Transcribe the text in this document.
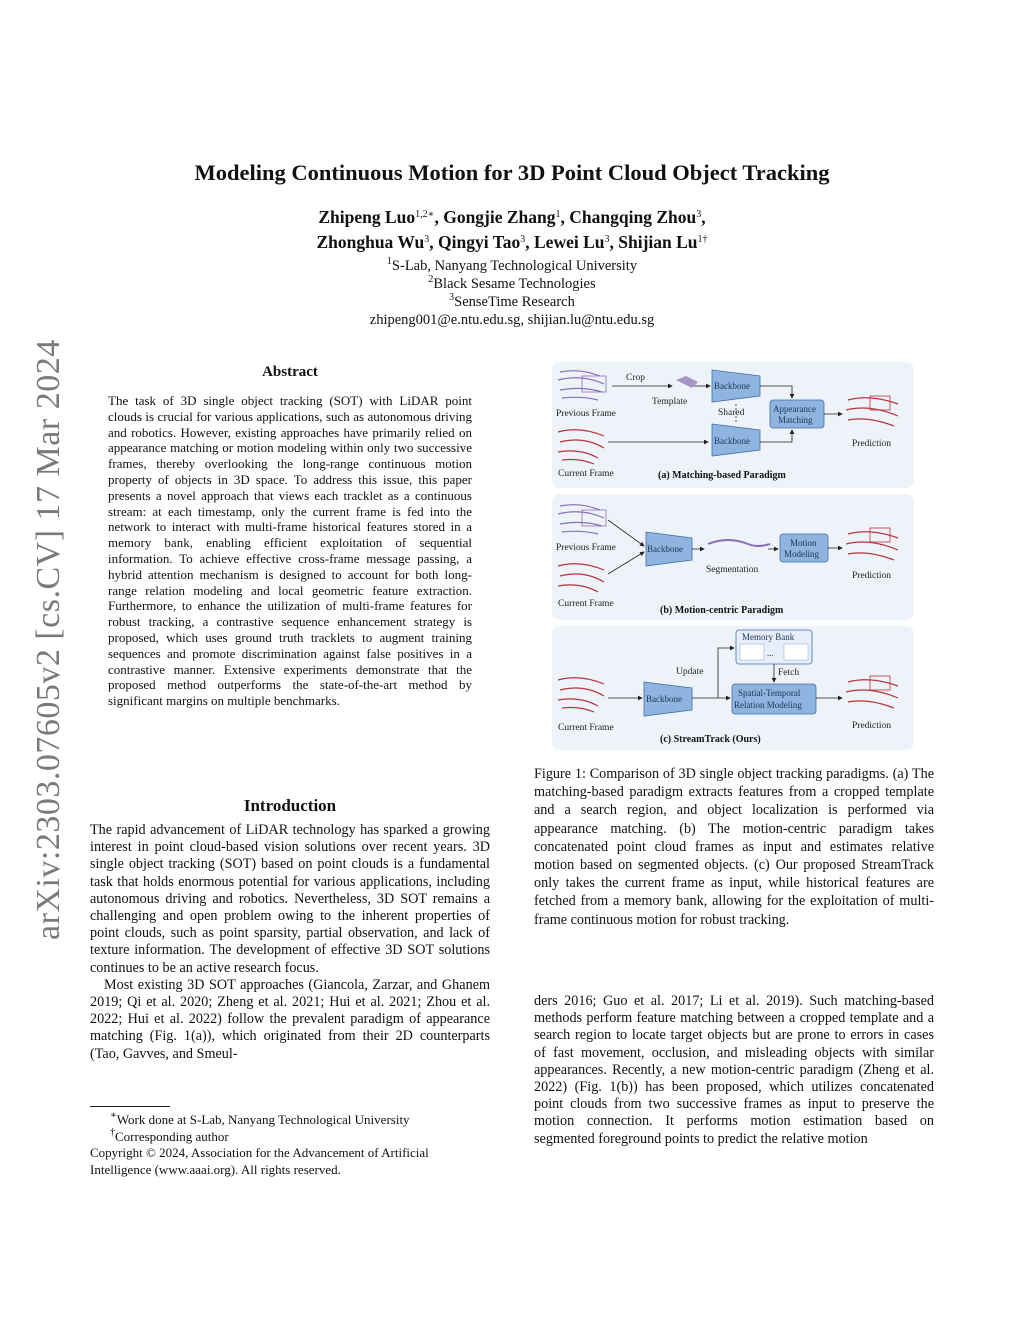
arXiv:2303.07605v2 [cs.CV] 17 Mar 2024
Modeling Continuous Motion for 3D Point Cloud Object Tracking
Zhipeng Luo$^{1,2∗}$, Gongjie Zhang$^1$, Changqing Zhou$^3$,
Zhonghua Wu$^3$, Qingyi Tao$^3$, Lewei Lu$^3$, Shijian $Lu^{1\dagger}$
$^1$S-Lab, Nanyang Technological University
$^2$Black Sesame Technologies
$^3$SenseTime Research
zhipeng001@e.ntu.edu.sg, shijian.lu@ntu.edu.sg
Abstract
The task of 3D single object tracking (SOT) with LiDAR point clouds is crucial for various applications, such as autonomous driving and robotics. However, existing approaches have primarily relied on appearance matching or motion modeling within only two successive frames, thereby overlooking the long-range continuous motion property of objects in 3D space. To address this issue, this paper presents a novel approach that views each tracklet as a continuous stream: at each timestamp, only the current frame is fed into the network to interact with multi-frame historical features stored in a memory bank, enabling efficient exploitation of sequential information. To achieve effective cross-frame message passing, a hybrid attention mechanism is designed to account for both long-range relation modeling and local geometric feature extraction. Furthermore, to enhance the utilization of multi-frame features for robust tracking, a contrastive sequence enhancement strategy is proposed, which uses ground truth tracklets to augment training sequences and promote discrimination against false positives in a contrastive manner. Extensive experiments demonstrate that the proposed method outperforms the state-of-the-art method by significant margins on multiple benchmarks.
Introduction

The rapid advancement of LiDAR technology has sparked a growing interest in point cloud-based vision solutions over recent years. 3D single object tracking (SOT) based on point clouds is a fundamental task that holds enormous potential for various applications, including autonomous driving and robotics. Nevertheless, 3D SOT remains a challenging and open problem owing to the inherent properties of point clouds, such as point sparsity, partial observation, and lack of texture information. The development of effective 3D SOT solutions continues to be an active research focus.

Most existing 3D SOT approaches (Giancola, Zarzar, and Ghanem 2019; Qi et al. 2020; Zheng et al. 2021; Hui et al. 2021; Zhou et al. 2022; Hui et al. 2022) follow the prevalent paradigm of appearance matching (Fig. 1(a)), which originated from their 2D counterparts (Tao, Gavves, and Smeul-

∗Work done at S-Lab, Nanyang Technological University
†Corresponding author
Copyright © 2024, Association for the Advancement of Artificial Intelligence (www.aaai.org). All rights reserved.
Previous Frame
Current Frame
Crop
Template
Backbone
Shared
Backbone
Appearance
Matching
Prediction
(a) Matching-based Paradigm
Previous Frame
Current Frame
Backbone
Segmentation
Motion
Modeling
Prediction
(b) Motion-centric Paradigm
Memory Bank
...
Update	Fetch
Current Frame
Backbone
Spatial-Temporal
Relation Modeling
Prediction
(c) StreamTrack (Ours)
Figure 1: Comparison of 3D single object tracking paradigms. (a) The matching-based paradigm extracts features from a cropped template and a search region, and object localization is performed via appearance matching. (b) The motion-centric paradigm takes concatenated point cloud frames as input and estimates relative motion based on segmented objects. (c) Our proposed StreamTrack only takes the current frame as input, while historical features are fetched from a memory bank, allowing for the exploitation of multi-frame continuous motion for robust tracking.
ders 2016; Guo et al. 2017; Li et al. 2019). Such matching-based methods perform feature matching between a cropped template and a search region to locate target objects but are prone to errors in cases of fast movement, occlusion, and misleading objects with similar appearances. Recently, a new motion-centric paradigm (Zheng et al. 2022) (Fig. 1(b)) has been proposed, which utilizes concatenated point clouds from two successive frames as input to preserve the motion connection. It performs motion estimation based on segmented foreground points to predict the relative motion
